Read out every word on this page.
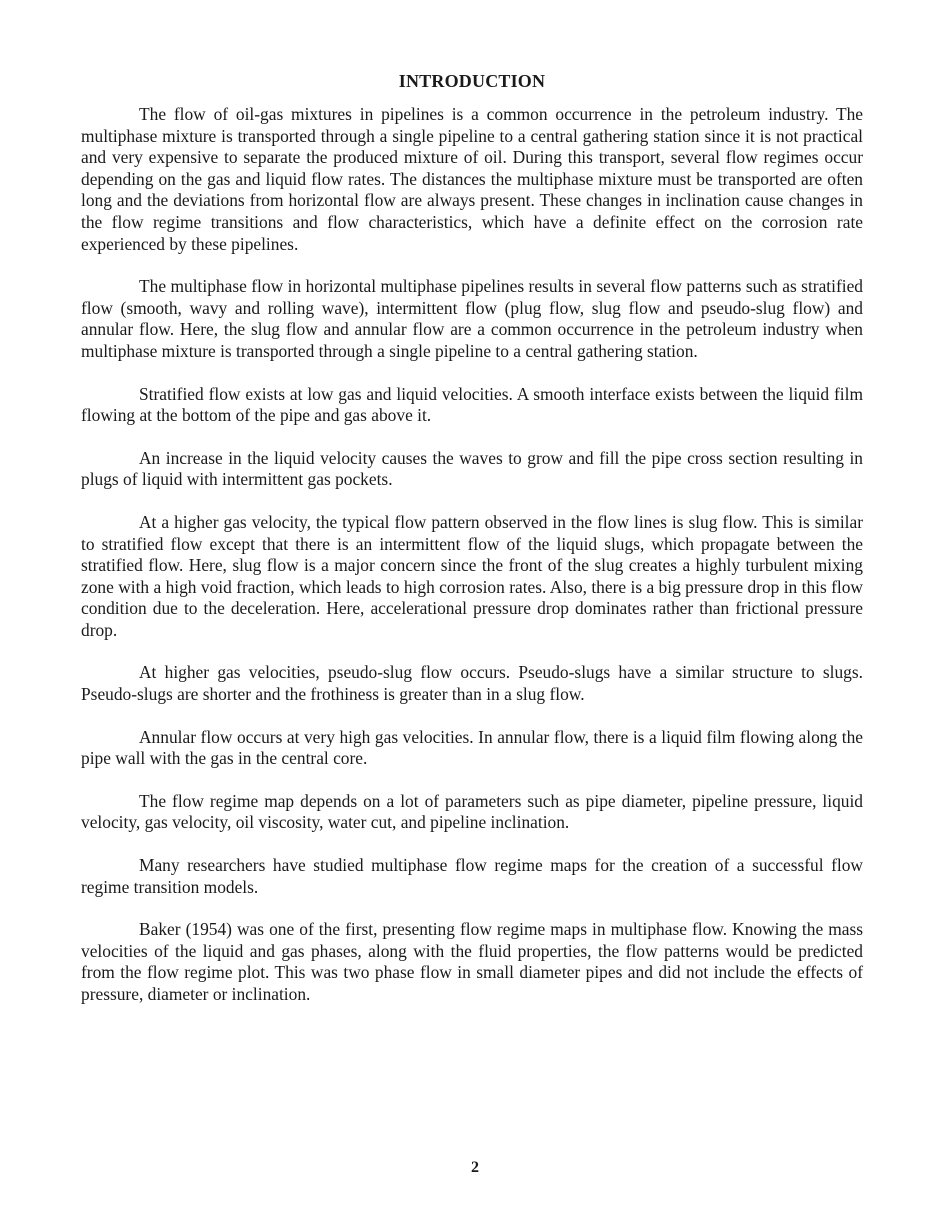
INTRODUCTION

The flow of oil-gas mixtures in pipelines is a common occurrence in the petroleum industry. The multiphase mixture is transported through a single pipeline to a central gathering station since it is not practical and very expensive to separate the produced mixture of oil. During this transport, several flow regimes occur depending on the gas and liquid flow rates. The distances the multiphase mixture must be transported are often long and the deviations from horizontal flow are always present. These changes in inclination cause changes in the flow regime transitions and flow characteristics, which have a definite effect on the corrosion rate experienced by these pipelines.

The multiphase flow in horizontal multiphase pipelines results in several flow patterns such as stratified flow (smooth, wavy and rolling wave), intermittent flow (plug flow, slug flow and pseudo-slug flow) and annular flow. Here, the slug flow and annular flow are a common occurrence in the petroleum industry when multiphase mixture is transported through a single pipeline to a central gathering station.

Stratified flow exists at low gas and liquid velocities. A smooth interface exists between the liquid film flowing at the bottom of the pipe and gas above it.

An increase in the liquid velocity causes the waves to grow and fill the pipe cross section resulting in plugs of liquid with intermittent gas pockets.

At a higher gas velocity, the typical flow pattern observed in the flow lines is slug flow. This is similar to stratified flow except that there is an intermittent flow of the liquid slugs, which propagate between the stratified flow. Here, slug flow is a major concern since the front of the slug creates a highly turbulent mixing zone with a high void fraction, which leads to high corrosion rates. Also, there is a big pressure drop in this flow condition due to the deceleration. Here, accelerational pressure drop dominates rather than frictional pressure drop.

At higher gas velocities, pseudo-slug flow occurs. Pseudo-slugs have a similar structure to slugs. Pseudo-slugs are shorter and the frothiness is greater than in a slug flow.

Annular flow occurs at very high gas velocities. In annular flow, there is a liquid film flowing along the pipe wall with the gas in the central core.

The flow regime map depends on a lot of parameters such as pipe diameter, pipeline pressure, liquid velocity, gas velocity, oil viscosity, water cut, and pipeline inclination.

Many researchers have studied multiphase flow regime maps for the creation of a successful flow regime transition models.

Baker (1954) was one of the first, presenting flow regime maps in multiphase flow. Knowing the mass velocities of the liquid and gas phases, along with the fluid properties, the flow patterns would be predicted from the flow regime plot. This was two phase flow in small diameter pipes and did not include the effects of pressure, diameter or inclination.

2
